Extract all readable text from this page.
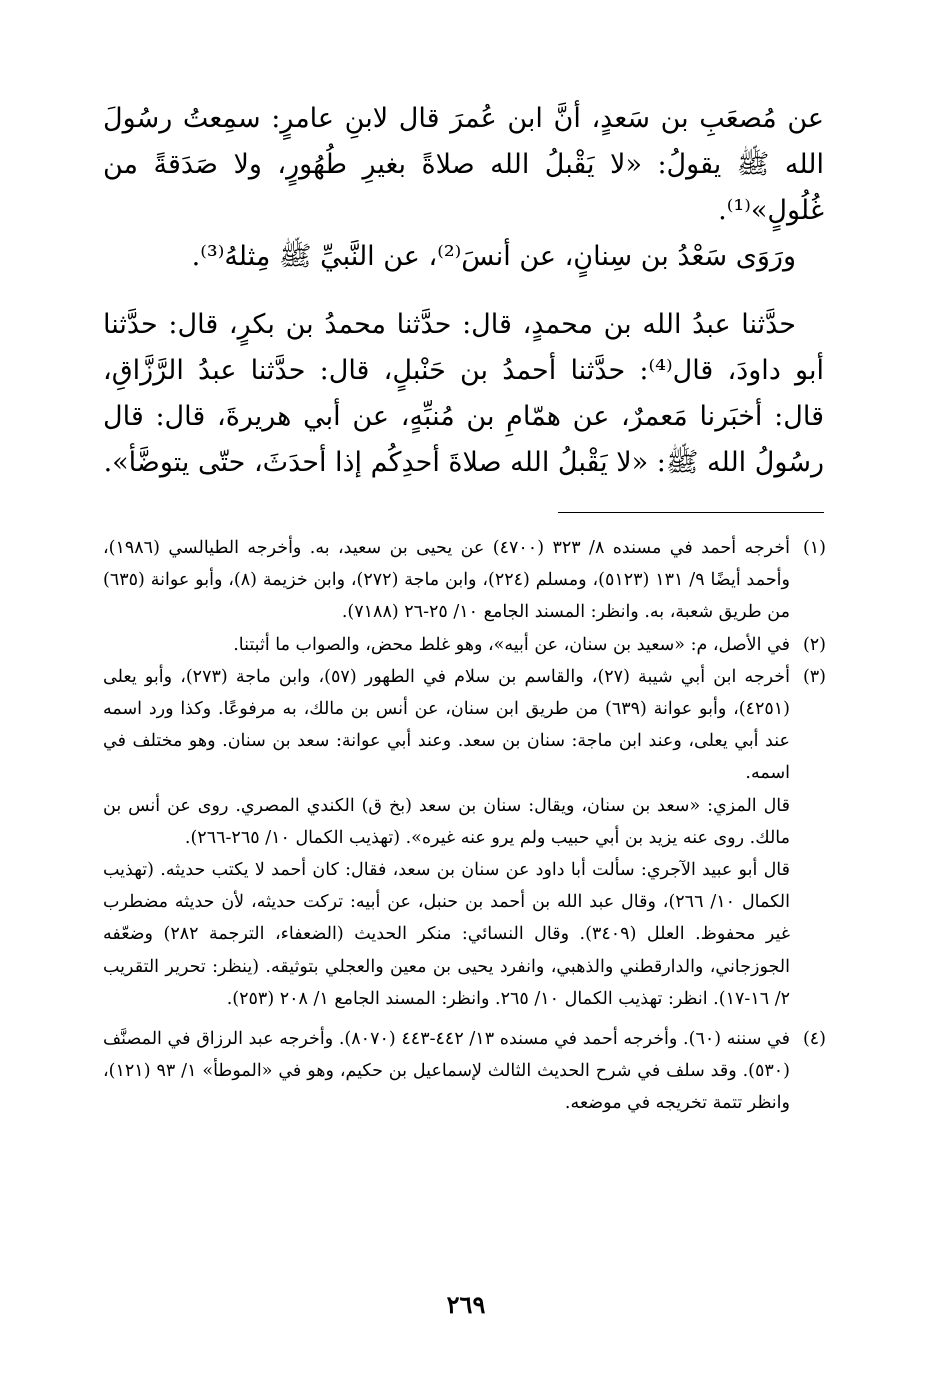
عن مُصعَبِ بن سَعدٍ، أنَّ ابن عُمرَ قال لابنِ عامرٍ: سمِعتُ رسُولَ الله ﷺ يقولُ: «لا يَقْبلُ الله صلاةً بغيرِ طُهُورٍ، ولا صَدَقةً من غُلُولٍ»⁽¹⁾.

ورَوَى سَعْدُ بن سِنانٍ، عن أنسَ⁽²⁾، عن النَّبيِّ ﷺ مِثلهُ⁽³⁾.

حدَّثنا عبدُ الله بن محمدٍ، قال: حدَّثنا محمدُ بن بكرٍ، قال: حدَّثنا أبو داودَ، قال⁽⁴⁾: حدَّثنا أحمدُ بن حَنْبلٍ، قال: حدَّثنا عبدُ الرَّزَّاقِ، قال: أخبَرنا مَعمرٌ، عن همّامِ بن مُنبِّهٍ، عن أبي هريرةَ، قال: قال رسُولُ الله ﷺ: «لا يَقْبلُ الله صلاةَ أحدِكُم إذا أحدَثَ، حتّى يتوضَّأ».

(١)

أخرجه أحمد في مسنده ٨/ ٣٢٣ (٤٧٠٠) عن يحيى بن سعيد، به. وأخرجه الطيالسي (١٩٨٦)، وأحمد أيضًا ٩/ ١٣١ (٥١٢٣)، ومسلم (٢٢٤)، وابن ماجة (٢٧٢)، وابن خزيمة (٨)، وأبو عوانة (٦٣٥) من طريق شعبة، به. وانظر: المسند الجامع ١٠/ ٢٥-٢٦ (٧١٨٨).

(٢)

في الأصل، م: «سعيد بن سنان، عن أبيه»، وهو غلط محض، والصواب ما أثبتنا.

(٣)

أخرجه ابن أبي شيبة (٢٧)، والقاسم بن سلام في الطهور (٥٧)، وابن ماجة (٢٧٣)، وأبو يعلى (٤٢٥١)، وأبو عوانة (٦٣٩) من طريق ابن سنان، عن أنس بن مالك، به مرفوعًا. وكذا ورد اسمه عند أبي يعلى، وعند ابن ماجة: سنان بن سعد. وعند أبي عوانة: سعد بن سنان. وهو مختلف في اسمه.

قال المزي: «سعد بن سنان، ويقال: سنان بن سعد (بخ ق) الكندي المصري. روى عن أنس بن مالك. روى عنه يزيد بن أبي حبيب ولم يرو عنه غيره». (تهذيب الكمال ١٠/ ٢٦٥-٢٦٦).

قال أبو عبيد الآجري: سألت أبا داود عن سنان بن سعد، فقال: كان أحمد لا يكتب حديثه. (تهذيب الكمال ١٠/ ٢٦٦)، وقال عبد الله بن أحمد بن حنبل، عن أبيه: تركت حديثه، لأن حديثه مضطرب غير محفوظ. العلل (٣٤٠٩). وقال النسائي: منكر الحديث (الضعفاء، الترجمة ٢٨٢) وضعّفه الجوزجاني، والدارقطني والذهبي، وانفرد يحيى بن معين والعجلي بتوثيقه. (ينظر: تحرير التقريب ٢/ ١٦-١٧). انظر: تهذيب الكمال ١٠/ ٢٦٥. وانظر: المسند الجامع ١/ ٢٠٨ (٢٥٣).

(٤)

في سننه (٦٠). وأخرجه أحمد في مسنده ١٣/ ٤٤٢-٤٤٣ (٨٠٧٠). وأخرجه عبد الرزاق في المصنَّف (٥٣٠). وقد سلف في شرح الحديث الثالث لإسماعيل بن حكيم، وهو في «الموطأ» ١/ ٩٣ (١٢١)، وانظر تتمة تخريجه في موضعه.

٢٦٩
